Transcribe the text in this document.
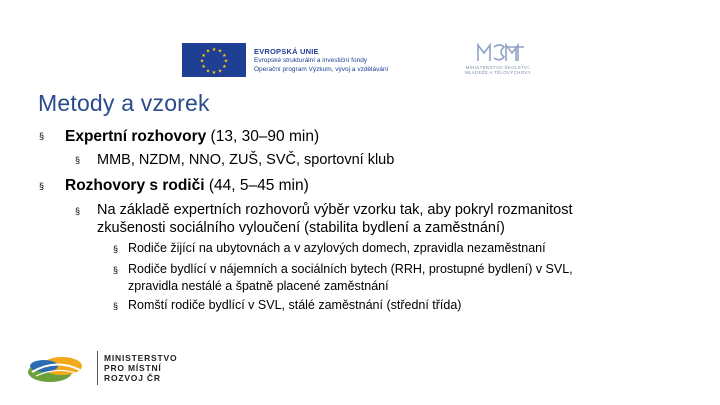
★ ★
★
★
★
★
★
★
★
★
★
★	EVROPSKÁ UNIE
Evropské strukturální a investiční fondy
Operační program Výzkum, vývoj a vzdělávání	MINISTERSTVO ŠKOLSTVÍ,
MLÁDEŽE A TĚLOVÝCHOVY
Metody a vzorek
§ Expertní rozhovory (13, 30–90 min)
§ MMB, NZDM, NNO, ZUŠ, SVČ, sportovní klub
§ Rozhovory s rodiči (44, 5–45 min)
§ Na základě expertních rozhovorů výběr vzorku tak, aby pokryl rozmanitost
zkušenosti sociálního vyloučení (stabilita bydlení a zaměstnání)
§ Rodiče žijící na ubytovnách a v azylových domech, zpravidla nezaměstnaní
§ Rodiče bydlící v nájemních a sociálních bytech (RRH, prostupné bydlení) v SVL,
zpravidla nestálé a špatně placené zaměstnání
§ Romští rodiče bydlící v SVL, stálé zaměstnání (střední třída)
MINISTERSTVO
PRO MÍSTNÍ
ROZVOJ ČR
